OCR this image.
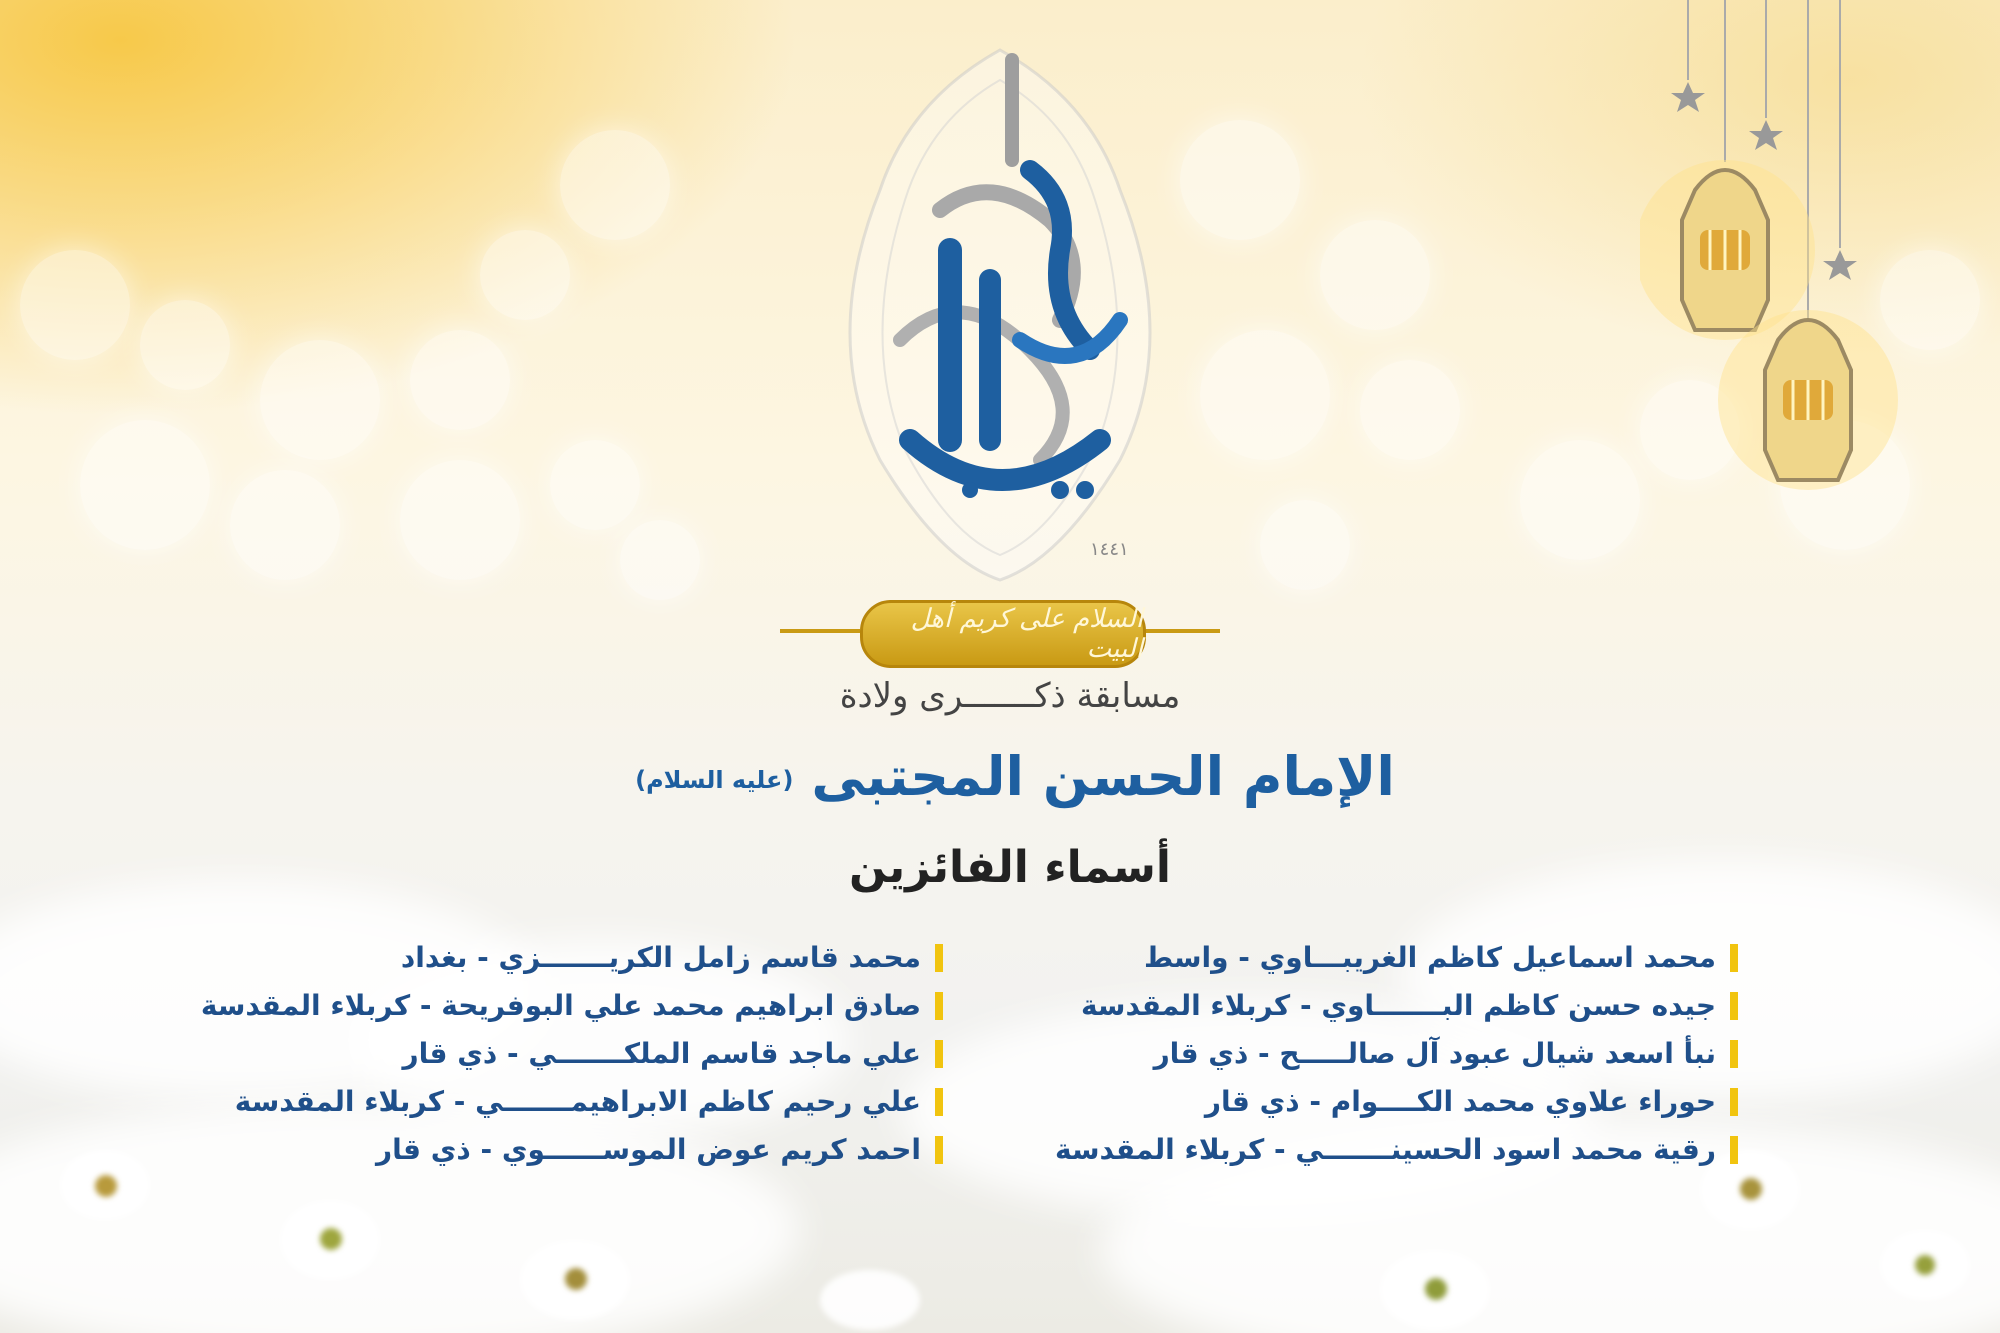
١٤٤١
السلام على كريم أهل البيت
مسابقة ذكـــــــرى ولادة
الإمام الحسن المجتبى
(عليه السلام)
أسماء الفائزين
محمد اسماعيل كاظم الغريبـــاوي - واسط
جيده حسن كاظم البـــــــاوي - كربلاء المقدسة
نبأ اسعد شيال عبود آل صالـــــح - ذي قار
حوراء علاوي محمد الكــــوام - ذي قار
رقية محمد اسود الحسينـــــــي - كربلاء المقدسة
محمد قاسم زامل الكريـــــــزي - بغداد
صادق ابراهيم محمد علي البوفريحة - كربلاء المقدسة
علي ماجد قاسم الملكـــــــي - ذي قار
علي رحيم كاظم الابراهيمـــــــي - كربلاء المقدسة
احمد كريم عوض الموســــــوي - ذي قار
